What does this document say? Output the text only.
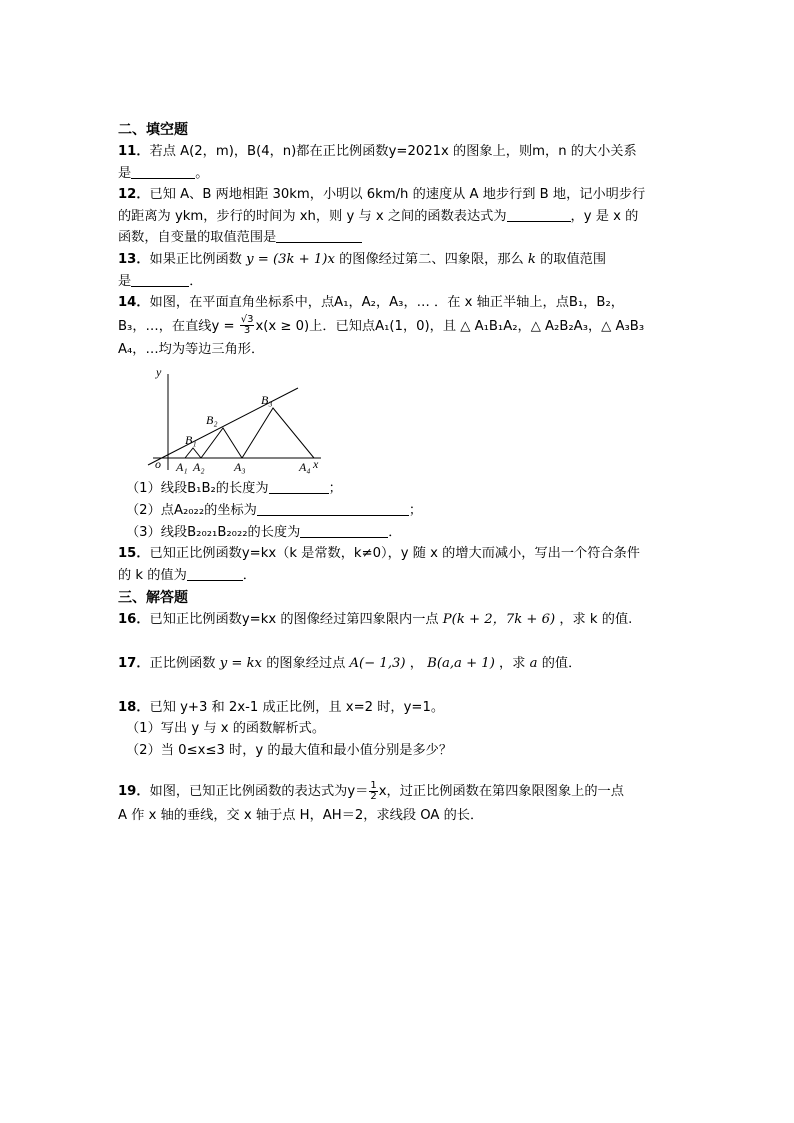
二、填空题
11．若点 A(2，m)，B(4，n)都在正比例函数y=2021x 的图象上，则m，n 的大小关系
是	。
12．已知 A、B 两地相距 30km，小明以 6km/h 的速度从 A 地步行到 B 地，记小明步行
的距离为 ykm，步行的时间为 xh，则 y 与 x 之间的函数表达式为	，y 是 x 的
函数，自变量的取值范围是
13．如果正比例函数 y = (3k + 1)x 的图像经过第二、四象限，那么 k 的取值范围
是	．
14．如图，在平面直角坐标系中，点A₁，A₂，A₃，… ．在 x 轴正半轴上，点B₁，B₂，
B₃，…，在直线$y = \frac{√3}{3} x(x \ge 0)$上．已知点A₁(1，0)，且 △ A₁B₁A₂，△ A₂B₂A₃，△ A₃B₃
A₄，…均为等边三角形．
y
x
o
B₁
B₂
B₃
A₁ A₂ A₃	A₄
（1）线段B₁B₂的长度为	；
（2）点A₂₀₂₂的坐标为	；
（3）线段B₂₀₂₁B₂₀₂₂的长度为	．
15．已知正比例函数y=kx（k 是常数，k≠0），y 随 x 的增大而减小，写出一个符合条件
的 k 的值为	．
三、解答题
16．已知正比例函数y=kx 的图像经过第四象限内一点 P(k + 2，7k + 6) ，求 k 的值.
17．正比例函数 y = kx 的图象经过点 A(− 1,3) ， B(a,a + 1) ，求 a 的值．
18．已知 y+3 和 2x-1 成正比例，且 x=2 时，y=1。
（1）写出 y 与 x 的函数解析式。
（2）当 0≤x≤3 时，y 的最大值和最小值分别是多少？
19．如图，已知正比例函数的表达式为$y= \frac{1}{2}$ x，过正比例函数在第四象限图象上的一点
A 作 x 轴的垂线，交 x 轴于点 H，AH＝2，求线段 OA 的长．
